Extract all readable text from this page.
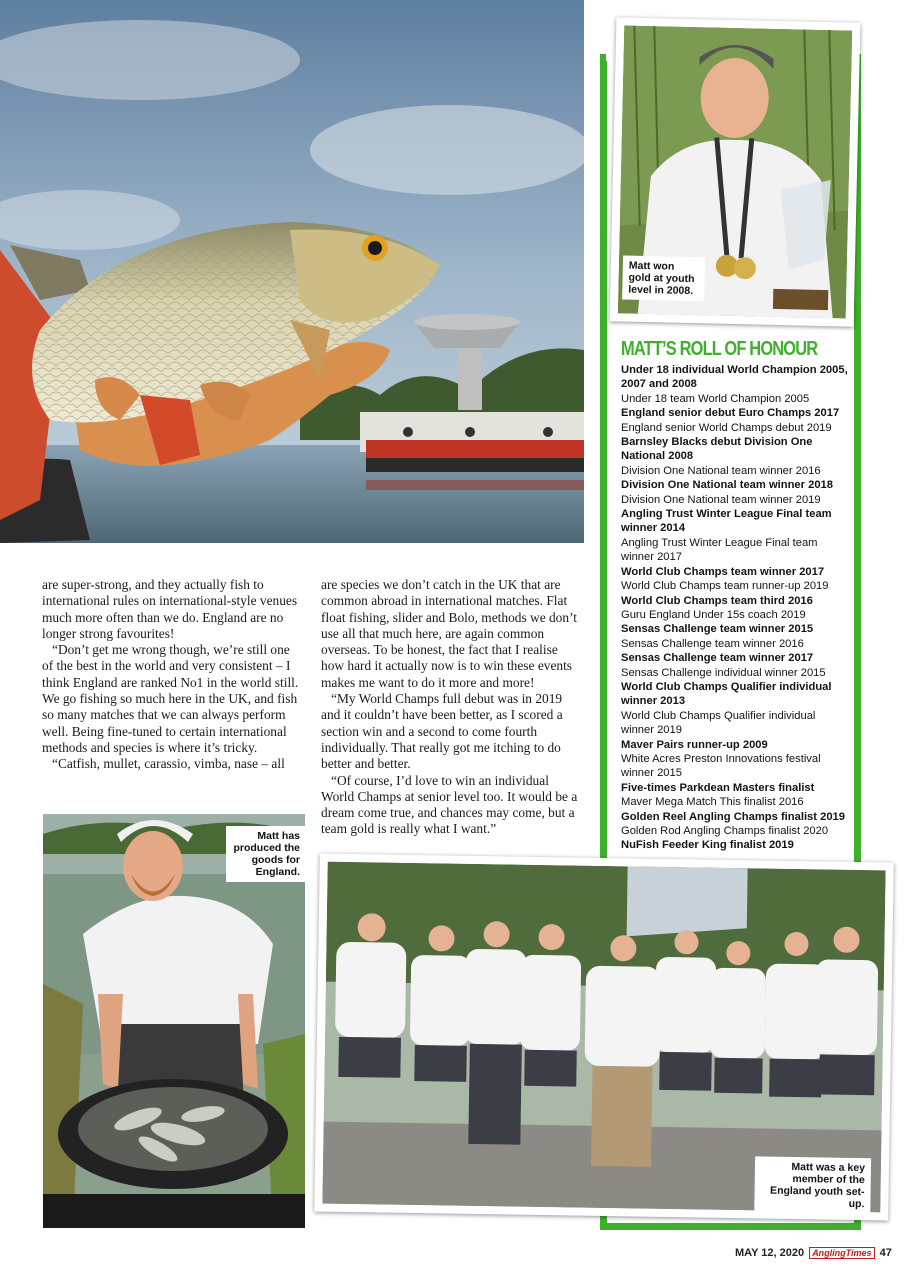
are super-strong, and they actually fish to international rules on international-style venues much more often than we do. England are no longer strong favourites!

“Don’t get me wrong though, we’re still one of the best in the world and very consistent – I think England are ranked No1 in the world still. We go fishing so much here in the UK, and fish so many matches that we can always perform well. Being fine-tuned to certain international methods and species is where it’s tricky.

“Catfish, mullet, carassio, vimba, nase – all

are species we don’t catch in the UK that are common abroad in international matches. Flat float fishing, slider and Bolo, methods we don’t use all that much here, are again common overseas. To be honest, the fact that I realise how hard it actually now is to win these events makes me want to do it more and more!

“My World Champs full debut was in 2019 and it couldn’t have been better, as I scored a section win and a second to come fourth individually. That really got me itching to do better and better.

“Of course, I’d love to win an individual World Champs at senior level too. It would be a dream come true, and chances may come, but a team gold is really what I want.”

Matt won gold at youth level in 2008.
MATT’S ROLL OF HONOUR
Under 18 individual World Champion 2005, 2007 and 2008
Under 18 team World Champion 2005
England senior debut Euro Champs 2017
England senior World Champs debut 2019
Barnsley Blacks debut Division One National 2008
Division One National team winner 2016
Division One National team winner 2018
Division One National team winner 2019
Angling Trust Winter League Final team winner 2014
Angling Trust Winter League Final team winner 2017
World Club Champs team winner 2017
World Club Champs team runner-up 2019
World Club Champs team third 2016
Guru England Under 15s coach 2019
Sensas Challenge team winner 2015
Sensas Challenge team winner 2016
Sensas Challenge team winner 2017
Sensas Challenge individual winner 2015
World Club Champs Qualifier individual winner 2013
World Club Champs Qualifier individual winner 2019
Maver Pairs runner-up 2009
White Acres Preston Innovations festival winner 2015
Five-times Parkdean Masters finalist
Maver Mega Match This finalist 2016
Golden Reel Angling Champs finalist 2019
Golden Rod Angling Champs finalist 2020
NuFish Feeder King finalist 2019
Matt has produced the goods for England.
Matt was a key member of the England youth set-up.
MAY 12, 2020 AnglingTimes 47
